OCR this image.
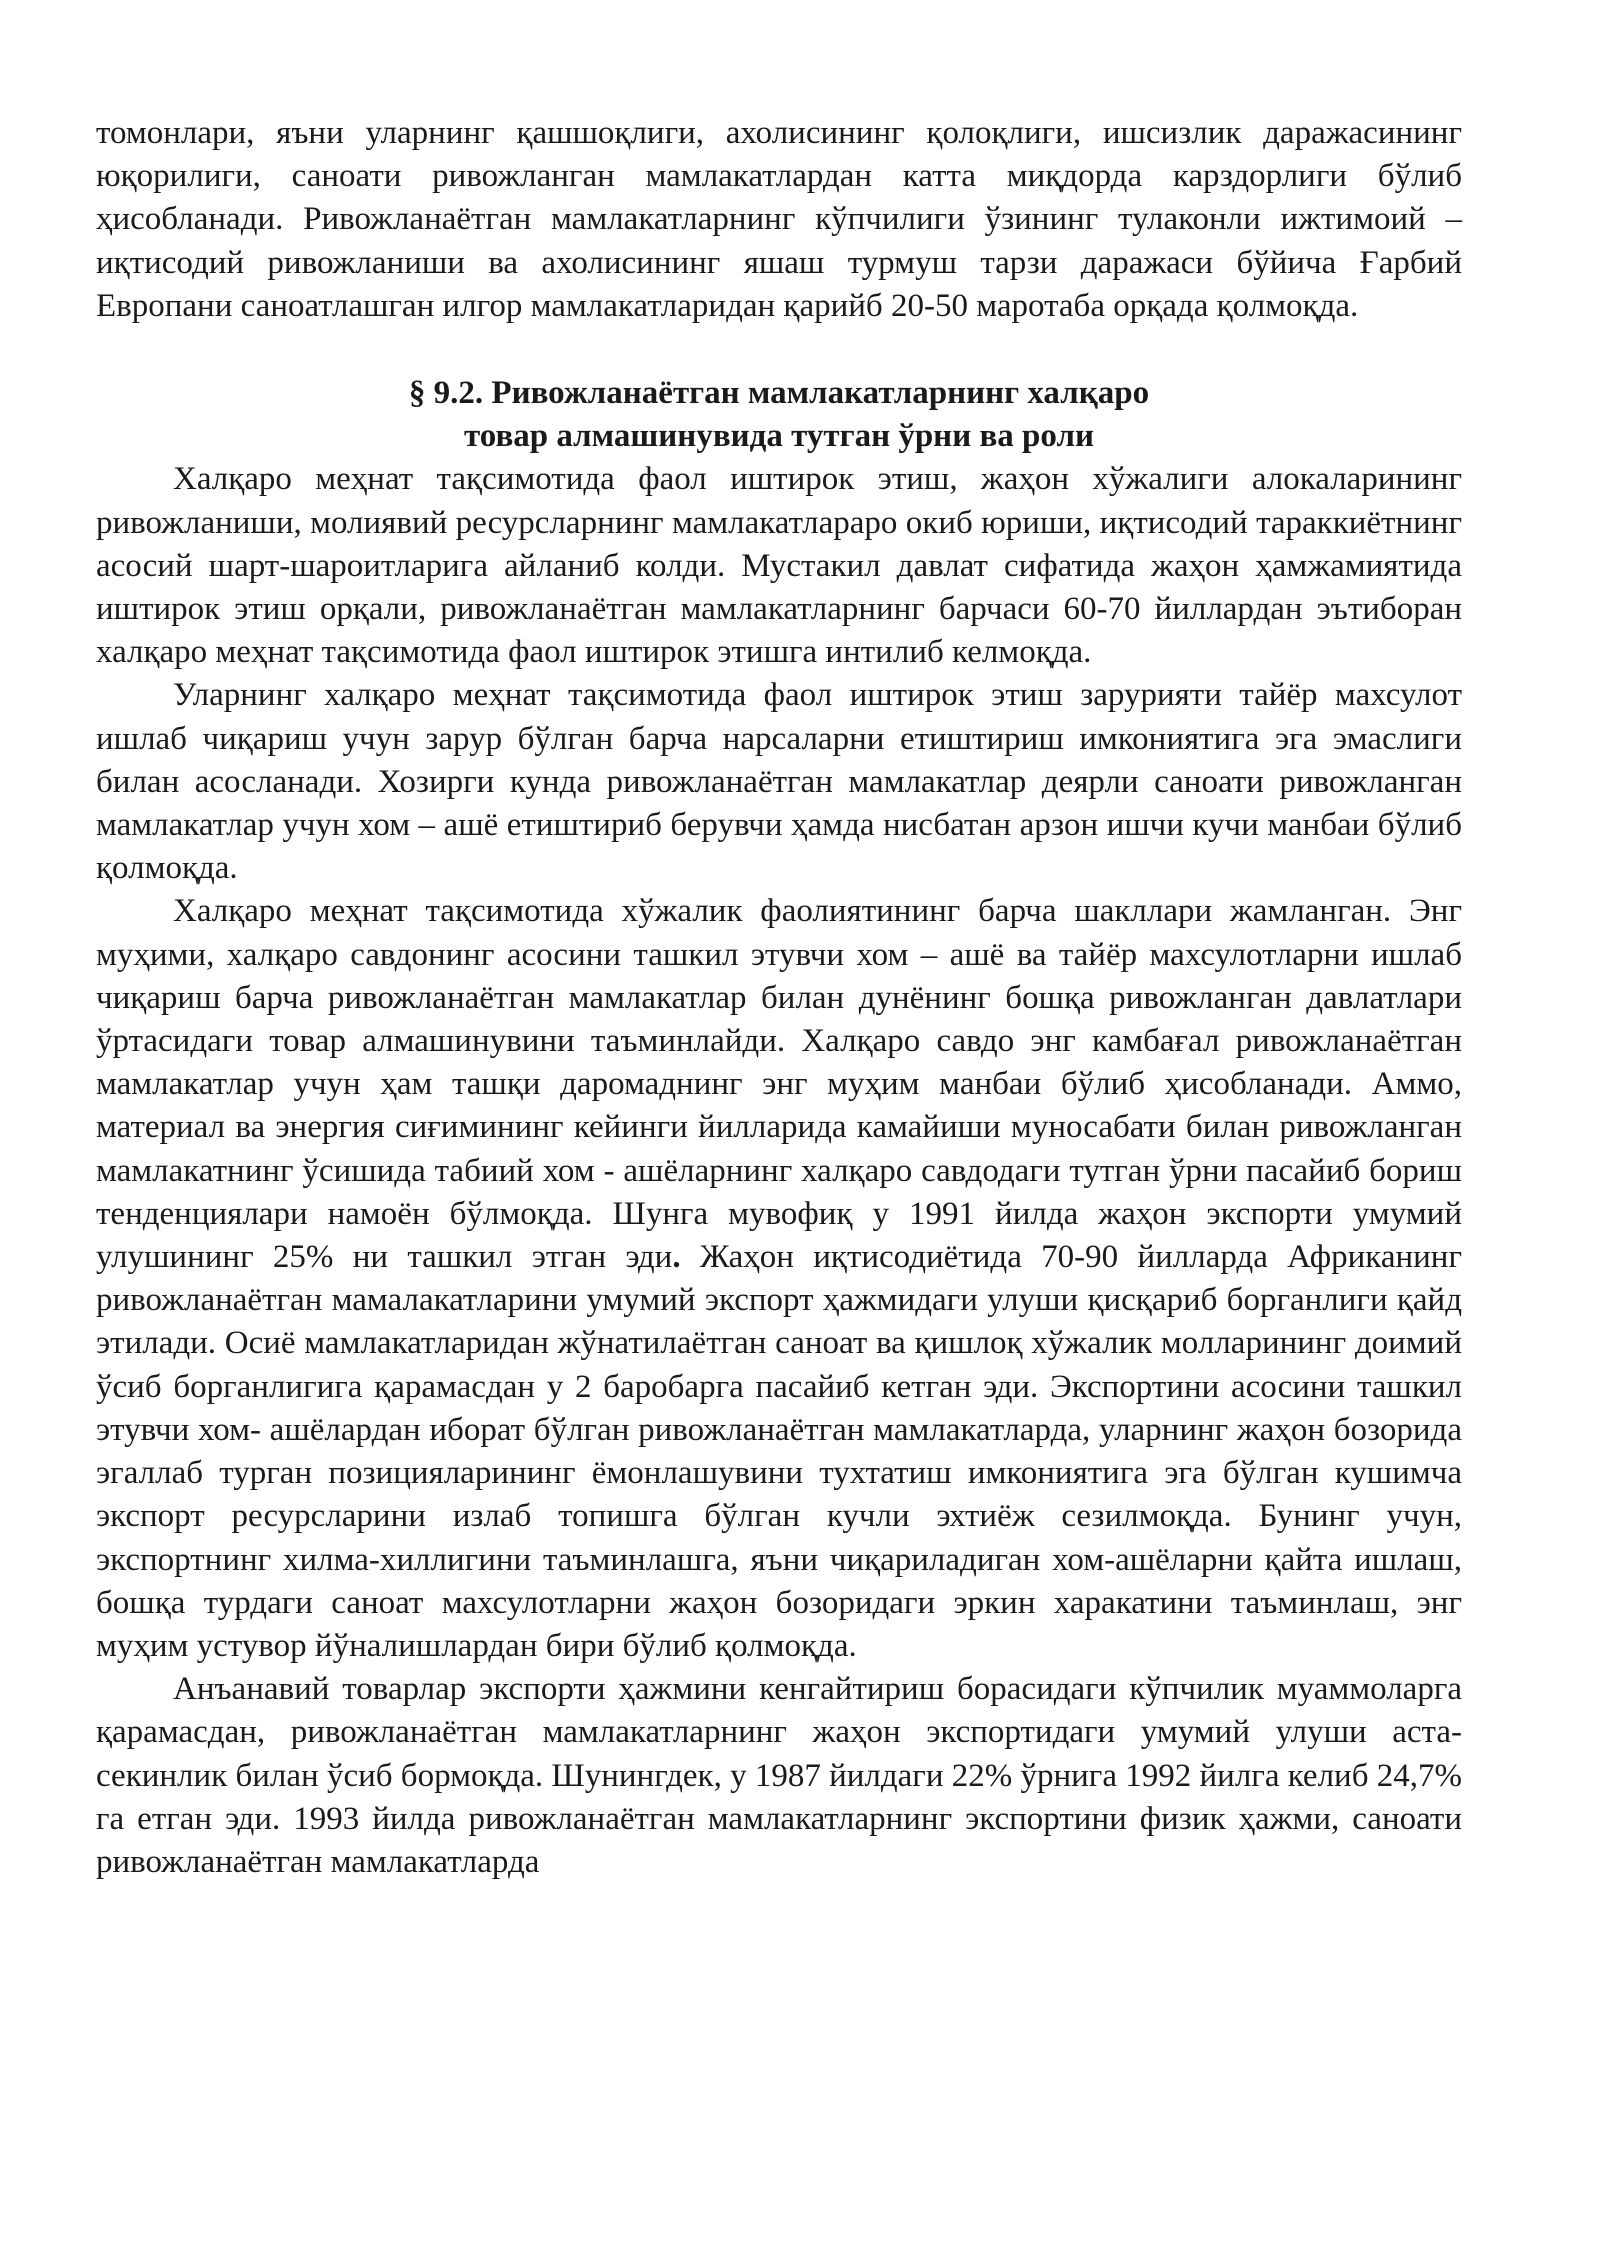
томонлари, яъни уларнинг қашшоқлиги, ахолисининг қолоқлиги, ишсизлик даражасининг юқорилиги, саноати ривожланган мамлакатлардан катта миқдорда карздорлиги бўлиб ҳисобланади. Ривожланаётган мамлакатларнинг кўпчилиги ўзининг тулаконли ижтимоий – иқтисодий ривожланиши ва ахолисининг яшаш турмуш тарзи даражаси бўйича Ғарбий Европани саноатлашган илгор мамлакатларидан қарийб 20-50 маротаба орқада қолмоқда.

§ 9.2. Ривожланаётган мамлакатларнинг халқаро
товар алмашинувида тутган ўрни ва роли

Халқаро меҳнат тақсимотида фаол иштирок этиш, жаҳон хўжалиги алокаларининг ривожланиши, молиявий ресурсларнинг мамлакатлараро окиб юриши, иқтисодий тараккиётнинг асосий шарт-шароитларига айланиб колди. Мустакил давлат сифатида жаҳон ҳамжамиятида иштирок этиш орқали, ривожланаётган мамлакатларнинг барчаси 60-70 йиллардан эътиборан халқаро меҳнат тақсимотида фаол иштирок этишга интилиб келмоқда.

Уларнинг халқаро меҳнат тақсимотида фаол иштирок этиш зарурияти тайёр махсулот ишлаб чиқариш учун зарур бўлган барча нарсаларни етиштириш имкониятига эга эмаслиги билан асосланади. Хозирги кунда ривожланаётган мамлакатлар деярли саноати ривожланган мамлакатлар учун хом – ашё етиштириб берувчи ҳамда нисбатан арзон ишчи кучи манбаи бўлиб қолмоқда.

Халқаро меҳнат тақсимотида хўжалик фаолиятининг барча шакллари жамланган. Энг муҳими, халқаро савдонинг асосини ташкил этувчи хом – ашё ва тайёр махсулотларни ишлаб чиқариш барча ривожланаётган мамлакатлар билан дунёнинг бошқа ривожланган давлатлари ўртасидаги товар алмашинувини таъминлайди. Халқаро савдо энг камбағал ривожланаётган мамлакатлар учун ҳам ташқи даромаднинг энг муҳим манбаи бўлиб ҳисобланади. Аммо, материал ва энергия сиғимининг кейинги йилларида камайиши муносабати билан ривожланган мамлакатнинг ўсишида табиий хом - ашёларнинг халқаро савдодаги тутган ўрни пасайиб бориш тенденциялари намоён бўлмоқда. Шунга мувофиқ у 1991 йилда жаҳон экспорти умумий улушининг 25% ни ташкил этган эди. Жаҳон иқтисодиётида 70-90 йилларда Африканинг ривожланаётган мамалакатларини умумий экспорт ҳажмидаги улуши қисқариб борганлиги қайд этилади. Осиё мамлакатларидан жўнатилаётган саноат ва қишлоқ хўжалик молларининг доимий ўсиб борганлигига қарамасдан у 2 баробарга пасайиб кетган эди. Экспортини асосини ташкил этувчи хом- ашёлардан иборат бўлган ривожланаётган мамлакатларда, уларнинг жаҳон бозорида эгаллаб турган позицияларининг ёмонлашувини тухтатиш имкониятига эга бўлган кушимча экспорт ресурсларини излаб топишга бўлган кучли эхтиёж сезилмоқда. Бунинг учун, экспортнинг хилма-хиллигини таъминлашга, яъни чиқариладиган хом-ашёларни қайта ишлаш, бошқа турдаги саноат махсулотларни жаҳон бозоридаги эркин харакатини таъминлаш, энг муҳим устувор йўналишлардан бири бўлиб қолмоқда.

Анъанавий товарлар экспорти ҳажмини кенгайтириш борасидаги кўпчилик муаммоларга қарамасдан, ривожланаётган мамлакатларнинг жаҳон экспортидаги умумий улуши аста-секинлик билан ўсиб бормоқда. Шунингдек, у 1987 йилдаги 22% ўрнига 1992 йилга келиб 24,7% га етган эди. 1993 йилда ривожланаётган мамлакатларнинг экспортини физик ҳажми, саноати ривожланаётган мамлакатларда
